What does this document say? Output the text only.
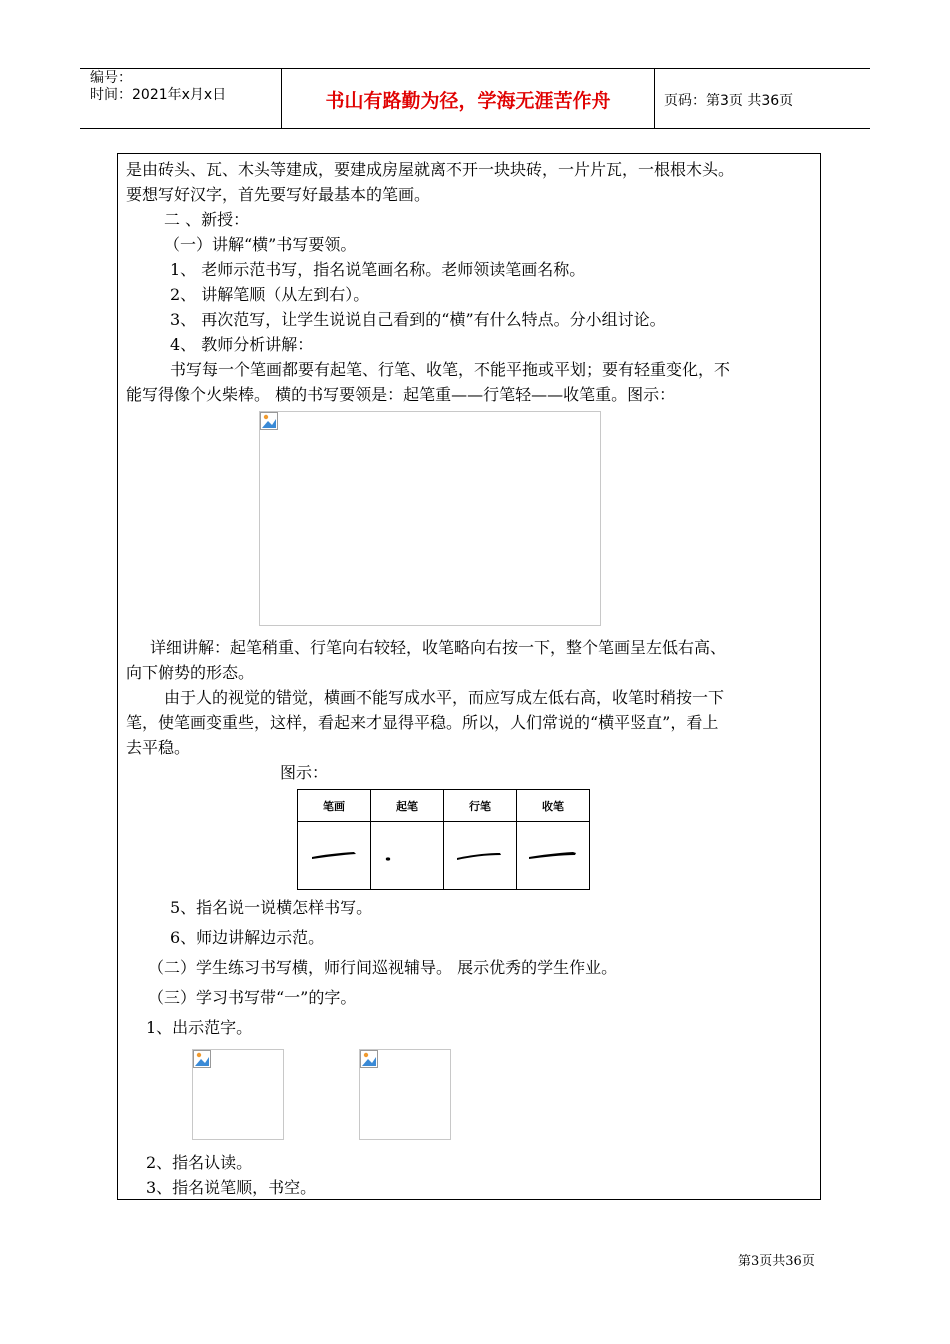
编号：
时间：2021年x月x日	书山有路勤为径，学海无涯苦作舟	页码：第3页 共36页
是由砖头、瓦、木头等建成，要建成房屋就离不开一块块砖，一片片瓦，一根根木头。
要想写好汉字，首先要写好最基本的笔画。
二 、新授：
（一）讲解“横”书写要领。
1、 老师示范书写，指名说笔画名称。老师领读笔画名称。
2、 讲解笔顺（从左到右）。
3、 再次范写，让学生说说自己看到的“横”有什么特点。分小组讨论。
4、 教师分析讲解：
书写每一个笔画都要有起笔、行笔、收笔，不能平拖或平划；要有轻重变化，不
能写得像个火柴棒。 横的书写要领是：起笔重——行笔轻——收笔重。图示：
详细讲解：起笔稍重、行笔向右较轻，收笔略向右按一下，整个笔画呈左低右高、
向下俯势的形态。
由于人的视觉的错觉，横画不能写成水平，而应写成左低右高，收笔时稍按一下
笔，使笔画变重些，这样，看起来才显得平稳。所以，人们常说的“横平竖直”，看上
去平稳。
图示：
笔画	起笔	行笔	收笔

5、指名说一说横怎样书写。
6、师边讲解边示范。
（二）学生练习书写横，师行间巡视辅导。 展示优秀的学生作业。
（三）学习书写带“一”的字。
1、出示范字。
2、指名认读。
3、指名说笔顺，书空。
第3页共36页
